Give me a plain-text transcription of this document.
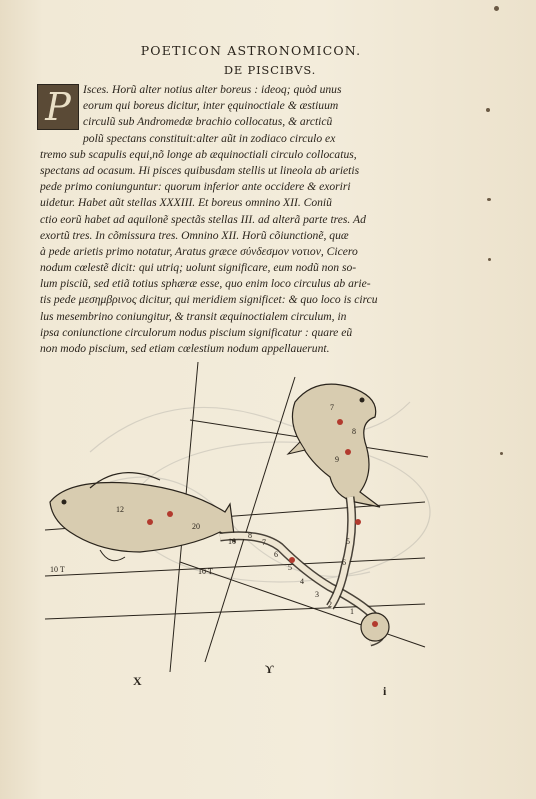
POETICON ASTRONOMICON.
DE PISCIBVS.
P	Isces. Horũ alter notius alter boreus : ideoq; quòd unus
eorum qui boreus dicitur, inter ęquinoctiale & æstiuum
circulũ sub Andromedæ brachio collocatus, & arcticũ
polũ spectans constituit:alter aũt in zodiaco circulo ex
tremo sub scapulis equi,nõ longe ab æquinoctiali circulo collocatus,
spectans ad ocasum. Hi pisces quibusdam stellis ut lineola ab arietis
pede primo coniunguntur: quorum inferior ante occidere & exoriri
uidetur. Habet aũt stellas XXXIII. Et boreus omnino XII. Coniũ
ctio eorũ habet ad aquilonẽ spectãs stellas III. ad alterã parte tres. Ad
exortũ tres. In cõmissura tres. Omnino XII. Horũ cõiunctionẽ, quæ
à pede arietis primo notatur, Aratus græce σύνδεσμον νοτιον, Cicero
nodum cœlestẽ dicit: qui utriq; uolunt significare, eum nodũ non so-
lum pisciũ, sed etiã totius sphæræ esse, quo enim loco circulus ab arie-
tis pede μεσημβρινος dicitur, qui meridiem significet: & quo loco is circu
lus mesembrino coniungitur, & transit æquinoctialem circulum, in
ipsa coniunctione circulorum nodus piscium significatur : quare eũ
non modo piscium, sed etiam cœlestium nodum appellauerunt.
12
10
8
7
6
5
4
3
2
1
5
6
7
8
9
10 T	10 T
20
X
ϒ
i
